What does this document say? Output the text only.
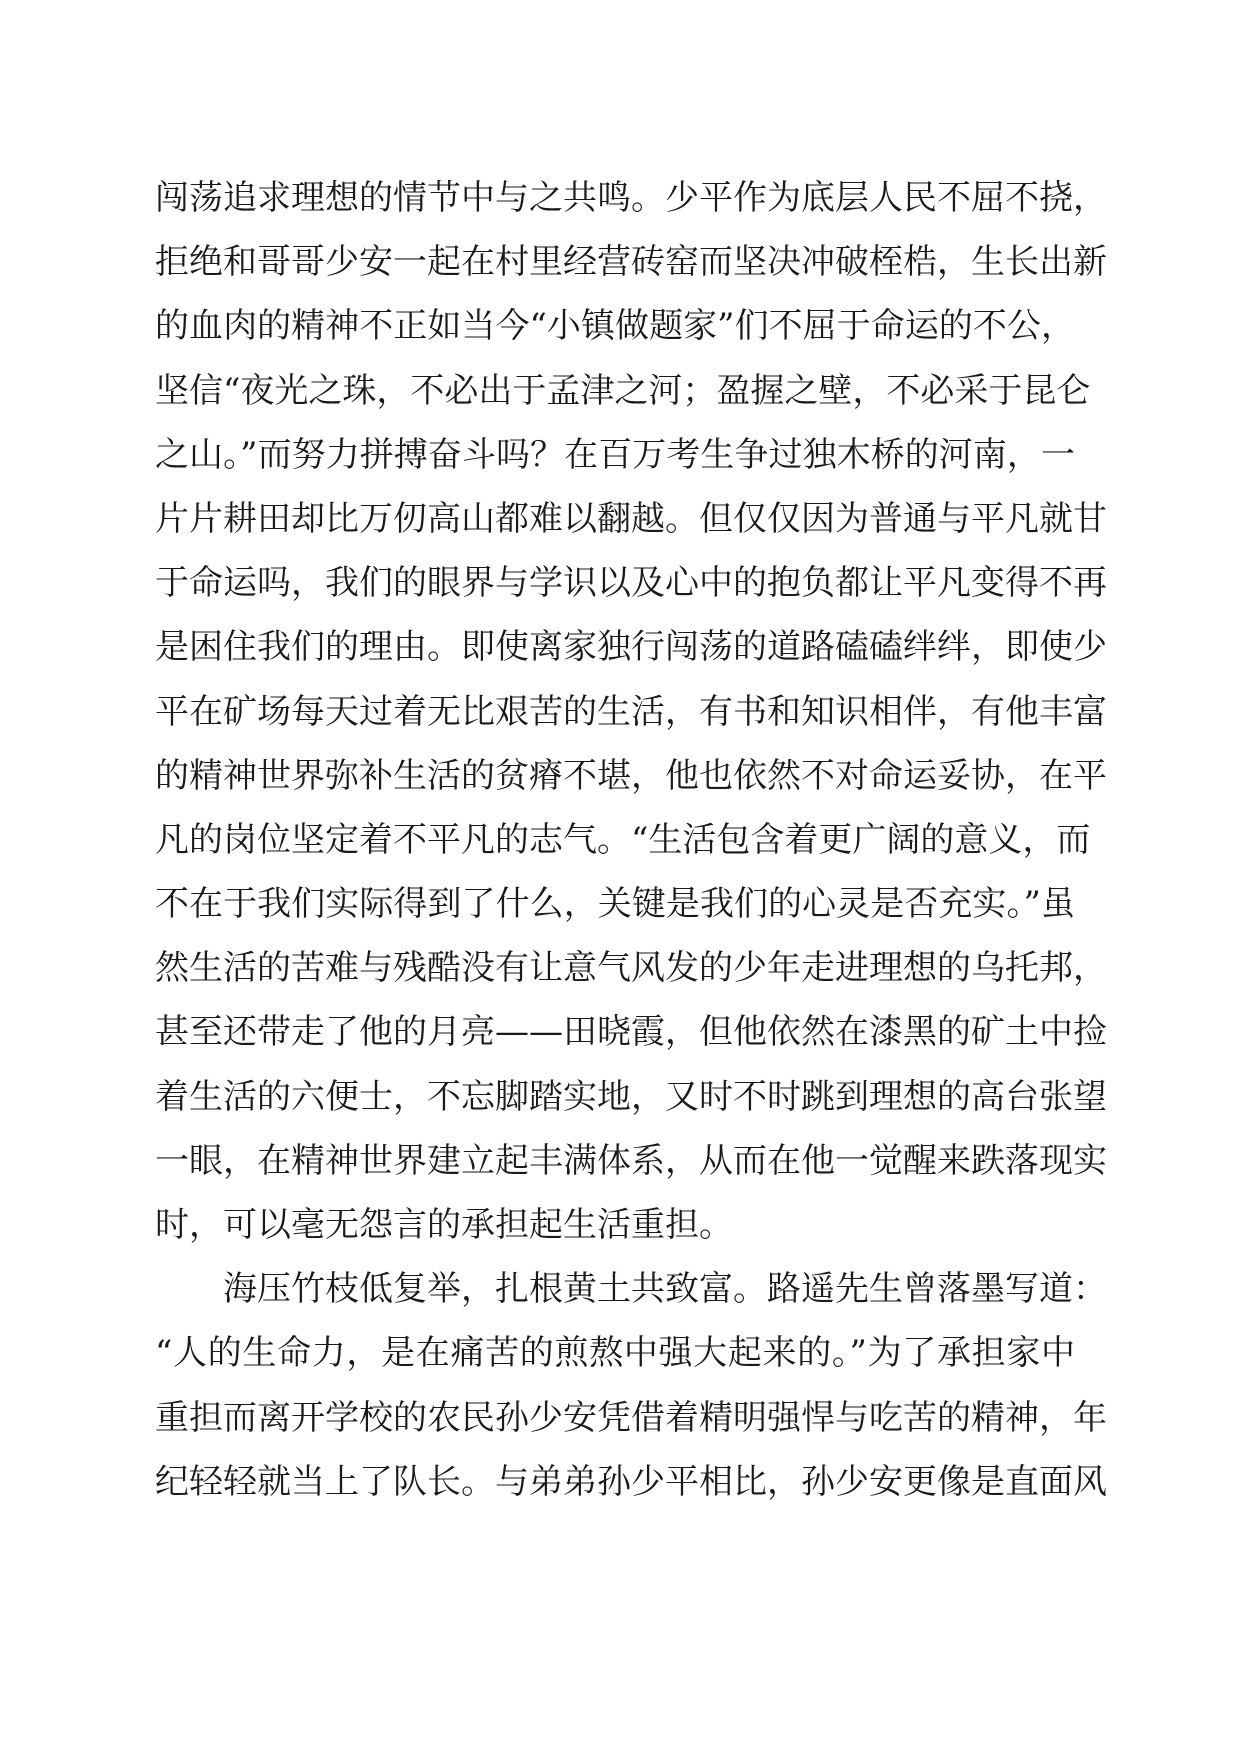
闯荡追求理想的情节中与之共鸣。少平作为底层人民不屈不挠，
拒绝和哥哥少安一起在村里经营砖窑而坚决冲破桎梏，生长出新
的血肉的精神不正如当今“小镇做题家”们不屈于命运的不公，
坚信“夜光之珠，不必出于孟津之河；盈握之壁，不必采于昆仑
之山。”而努力拼搏奋斗吗？在百万考生争过独木桥的河南，一
片片耕田却比万仞高山都难以翻越。但仅仅因为普通与平凡就甘
于命运吗，我们的眼界与学识以及心中的抱负都让平凡变得不再
是困住我们的理由。即使离家独行闯荡的道路磕磕绊绊，即使少
平在矿场每天过着无比艰苦的生活，有书和知识相伴，有他丰富
的精神世界弥补生活的贫瘠不堪，他也依然不对命运妥协，在平
凡的岗位坚定着不平凡的志气。“生活包含着更广阔的意义，而
不在于我们实际得到了什么，关键是我们的心灵是否充实。”虽
然生活的苦难与残酷没有让意气风发的少年走进理想的乌托邦，
甚至还带走了他的月亮——田晓霞，但他依然在漆黑的矿土中捡
着生活的六便士，不忘脚踏实地，又时不时跳到理想的高台张望
一眼，在精神世界建立起丰满体系，从而在他一觉醒来跌落现实
时，可以毫无怨言的承担起生活重担。
海压竹枝低复举，扎根黄土共致富。路遥先生曾落墨写道：
“人的生命力，是在痛苦的煎熬中强大起来的。”为了承担家中
重担而离开学校的农民孙少安凭借着精明强悍与吃苦的精神，年
纪轻轻就当上了队长。与弟弟孙少平相比，孙少安更像是直面风
